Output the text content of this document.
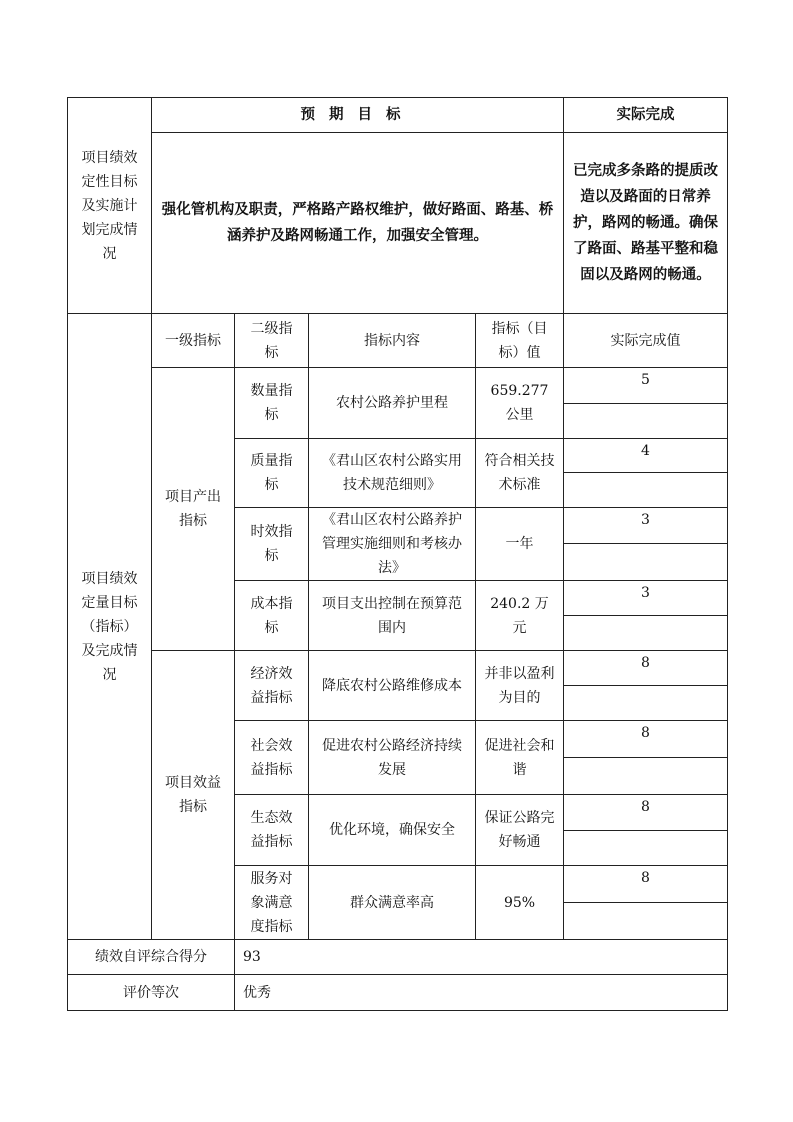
项目绩效定性目标及实施计划完成情况	预期目标				实际完成
	强化管机构及职责，严格路产路权维护，做好路面、路基、桥涵养护及路网畅通工作，加强安全管理。				已完成多条路的提质改造以及路面的日常养护，路网的畅通。确保了路面、路基平整和稳固以及路网的畅通。
项目绩效定量目标（指标）及完成情况	一级指标	二级指标	指标内容	指标（目标）值	实际完成值
	项目产出指标	数量指标	农村公路养护里程	659.277公里	5

		质量指标	《君山区农村公路实用技术规范细则》	符合相关技术标准	4

		时效指标	《君山区农村公路养护管理实施细则和考核办法》	一年	3

		成本指标	项目支出控制在预算范围内	240.2 万元	3

	项目效益指标	经济效益指标	降底农村公路维修成本	并非以盈利为目的	8

		社会效益指标	促进农村公路经济持续发展	促进社会和谐	8

		生态效益指标	优化环境，确保安全	保证公路完好畅通	8

		服务对象满意度指标	群众满意率高	95%	8

绩效自评综合得分		93			
评价等次		优秀			
